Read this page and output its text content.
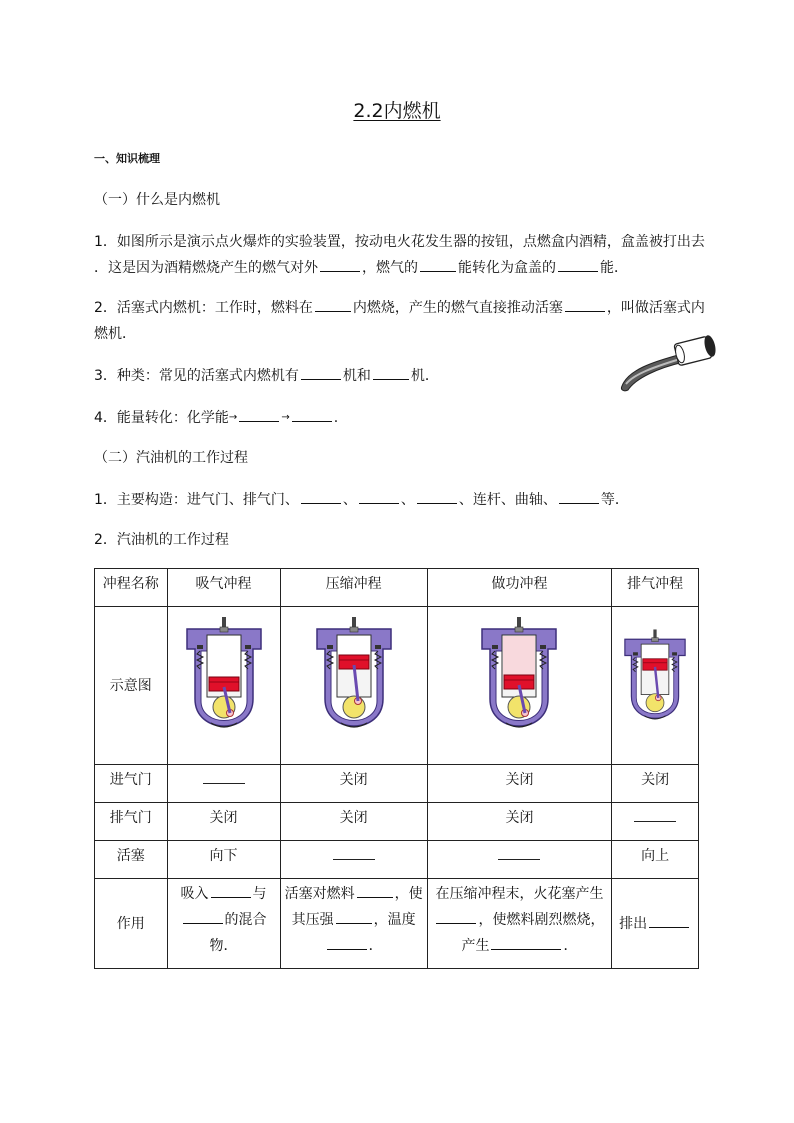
2.2内燃机
一、知识梳理
（一）什么是内燃机
1．如图所示是演示点火爆炸的实验装置，按动电火花发生器的按钮，点燃盒内酒精，盒盖被打出去
．这是因为酒精燃烧产生的燃气对外	，燃气的	能转化为盒盖的	能．
2．活塞式内燃机：工作时，燃料在	内燃烧，产生的燃气直接推动活塞	，叫做活塞式内
燃机．
3．种类：常见的活塞式内燃机有	机和	机．
4．能量转化：化学能→	→	.
（二）汽油机的工作过程
1．主要构造：进气门、排气门、	、	、	、连杆、曲轴、	等．
2．汽油机的工作过程
冲程名称	吸气冲程	压缩冲程	做功冲程	排气冲程
示意图	

进气门		关闭	关闭	关闭
排气门	关闭	关闭	关闭	
活塞	向下			向上
作用	吸入 与
的混合
物．	活塞对燃料 ，使
其压强 ，温度
．	在压缩冲程末，火花塞产生
，使燃料剧烈燃烧，
产生 ．	排出
